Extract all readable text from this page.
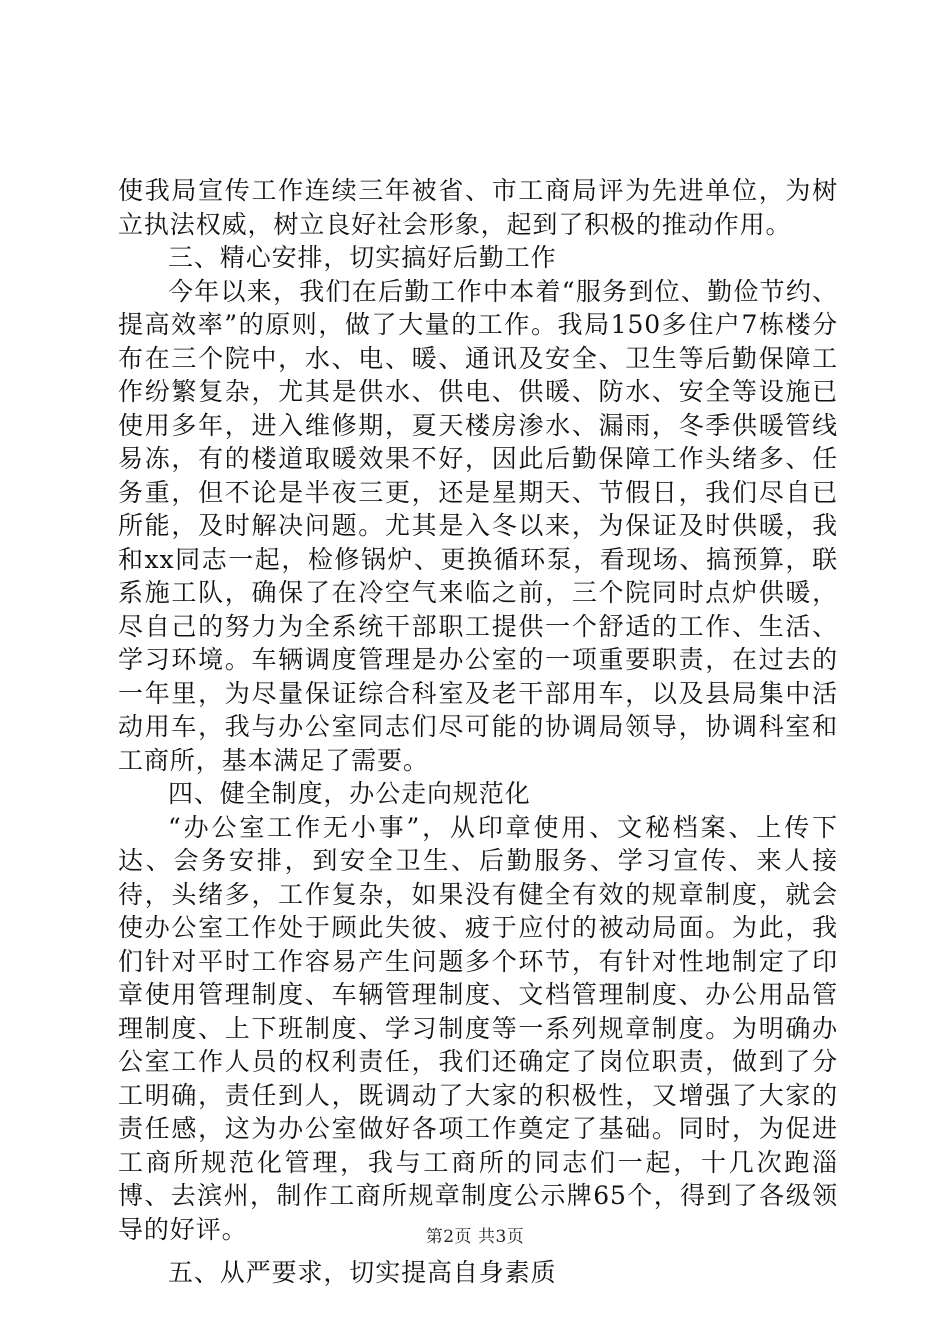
使我局宣传工作连续三年被省、市工商局评为先进单位，为树立执法权威，树立良好社会形象，起到了积极的推动作用。

三、精心安排，切实搞好后勤工作

今年以来，我们在后勤工作中本着“服务到位、勤俭节约、提高效率”的原则，做了大量的工作。我局150多住户7栋楼分布在三个院中，水、电、暖、通讯及安全、卫生等后勤保障工作纷繁复杂，尤其是供水、供电、供暖、防水、安全等设施已使用多年，进入维修期，夏天楼房渗水、漏雨，冬季供暖管线易冻，有的楼道取暖效果不好，因此后勤保障工作头绪多、任务重，但不论是半夜三更，还是星期天、节假日，我们尽自已所能，及时解决问题。尤其是入冬以来，为保证及时供暖，我和xx同志一起，检修锅炉、更换循环泵，看现场、搞预算，联系施工队，确保了在冷空气来临之前，三个院同时点炉供暖，尽自己的努力为全系统干部职工提供一个舒适的工作、生活、学习环境。车辆调度管理是办公室的一项重要职责，在过去的一年里，为尽量保证综合科室及老干部用车，以及县局集中活动用车，我与办公室同志们尽可能的协调局领导，协调科室和工商所，基本满足了需要。

四、健全制度，办公走向规范化

“办公室工作无小事”，从印章使用、文秘档案、上传下达、会务安排，到安全卫生、后勤服务、学习宣传、来人接待，头绪多，工作复杂，如果没有健全有效的规章制度，就会使办公室工作处于顾此失彼、疲于应付的被动局面。为此，我们针对平时工作容易产生问题多个环节，有针对性地制定了印章使用管理制度、车辆管理制度、文档管理制度、办公用品管理制度、上下班制度、学习制度等一系列规章制度。为明确办公室工作人员的权利责任，我们还确定了岗位职责，做到了分工明确，责任到人，既调动了大家的积极性，又增强了大家的责任感，这为办公室做好各项工作奠定了基础。同时，为促进工商所规范化管理，我与工商所的同志们一起，十几次跑淄博、去滨州，制作工商所规章制度公示牌65个，得到了各级领导的好评。

五、从严要求，切实提高自身素质

第2页 共3页
